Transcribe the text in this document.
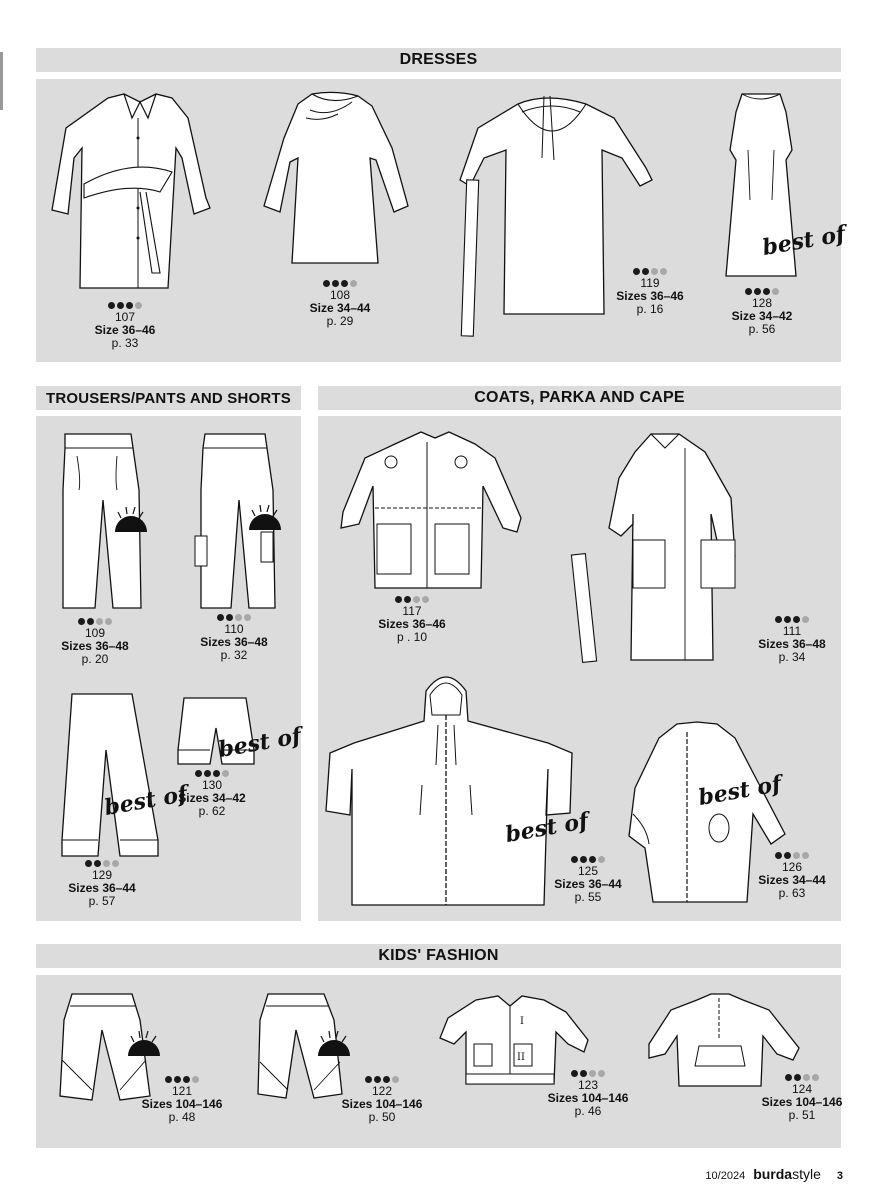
DRESSES
107
Size 36–46
p. 33
108
Size 34–44
p. 29
119
Sizes 36–46
p. 16
best of
128
Size 34–42
p. 56
TROUSERS/PANTS AND SHORTS
109
Sizes 36–48
p. 20
110
Sizes 36–48
p. 32
best of
129
Sizes 36–44
p. 57
best of
130
Sizes 34–42
p. 62
COATS, PARKA AND CAPE
117
Sizes 36–46
p . 10	111
Sizes 36–48
p. 34
best of
125
Sizes 36–44
p. 55
best of
126
Sizes 34–44
p. 63
KIDS' FASHION
121
Sizes 104–146
p. 48
122
Sizes 104–146
p. 50
I
II
123
Sizes 104–146
p. 46
124
Sizes 104–146
p. 51
10/2024 burdastyle 3
